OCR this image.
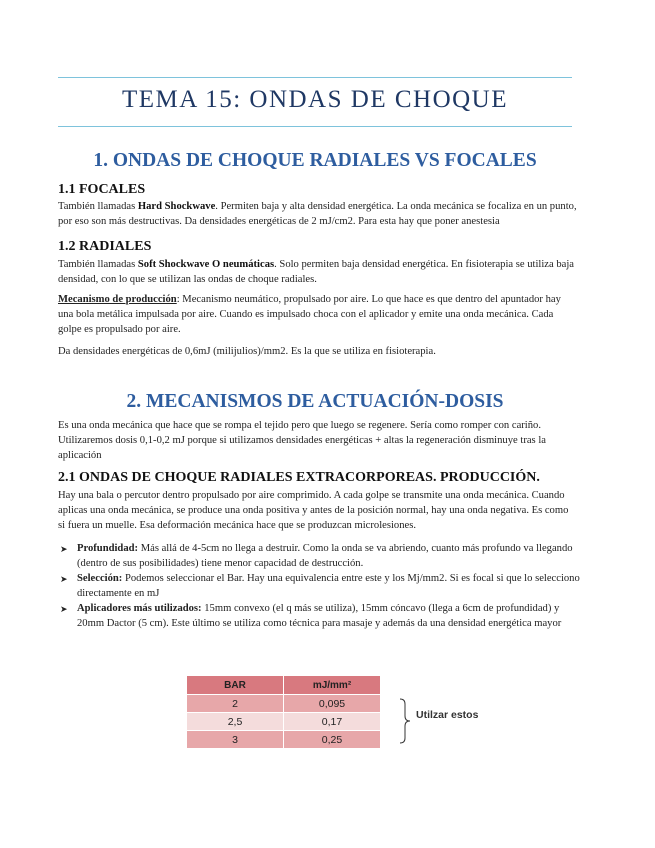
TEMA 15: ONDAS DE CHOQUE
1. ONDAS DE CHOQUE RADIALES VS FOCALES
1.1 FOCALES
También llamadas Hard Shockwave. Permiten baja y alta densidad energética. La onda mecánica se focaliza en un punto, por eso son más destructivas. Da densidades energéticas de 2 mJ/cm2. Para esta hay que poner anestesia
1.2 RADIALES
También llamadas Soft Shockwave O neumáticas. Solo permiten baja densidad energética. En fisioterapia se utiliza baja densidad, con lo que se utilizan las ondas de choque radiales.
Mecanismo de producción: Mecanismo neumático, propulsado por aire. Lo que hace es que dentro del apuntador hay una bola metálica impulsada por aire. Cuando es impulsado choca con el aplicador y emite una onda mecánica. Cada golpe es propulsado por aire.
Da densidades energéticas de 0,6mJ (milijulios)/mm2. Es la que se utiliza en fisioterapia.
2. MECANISMOS DE ACTUACIÓN-DOSIS
Es una onda mecánica que hace que se rompa el tejido pero que luego se regenere. Sería como romper con cariño. Utilizaremos dosis 0,1-0,2 mJ porque si utilizamos densidades energéticas + altas la regeneración disminuye tras la aplicación
2.1 ONDAS DE CHOQUE RADIALES EXTRACORPOREAS. PRODUCCIÓN.
Hay una bala o percutor dentro propulsado por aire comprimido. A cada golpe se transmite una onda mecánica. Cuando aplicas una onda mecánica, se produce una onda positiva y antes de la posición normal, hay una onda negativa. Es como si fuera un muelle. Esa deformación mecánica hace que se produzcan microlesiones.
➤ Profundidad: Más allá de 4-5cm no llega a destruir. Como la onda se va abriendo, cuanto más profundo va llegando (dentro de sus posibilidades) tiene menor capacidad de destrucción.
➤ Selección: Podemos seleccionar el Bar. Hay una equivalencia entre este y los Mj/mm2. Si es focal si que lo selecciono directamente en mJ
➤ Aplicadores más utilizados: 15mm convexo (el q más se utiliza), 15mm cóncavo (llega a 6cm de profundidad) y 20mm Dactor (5 cm). Este último se utiliza como técnica para masaje y además da una densidad energética mayor
BAR	mJ/mm²
2	0,095
2,5	0,17
3	0,25
Utilzar estos
